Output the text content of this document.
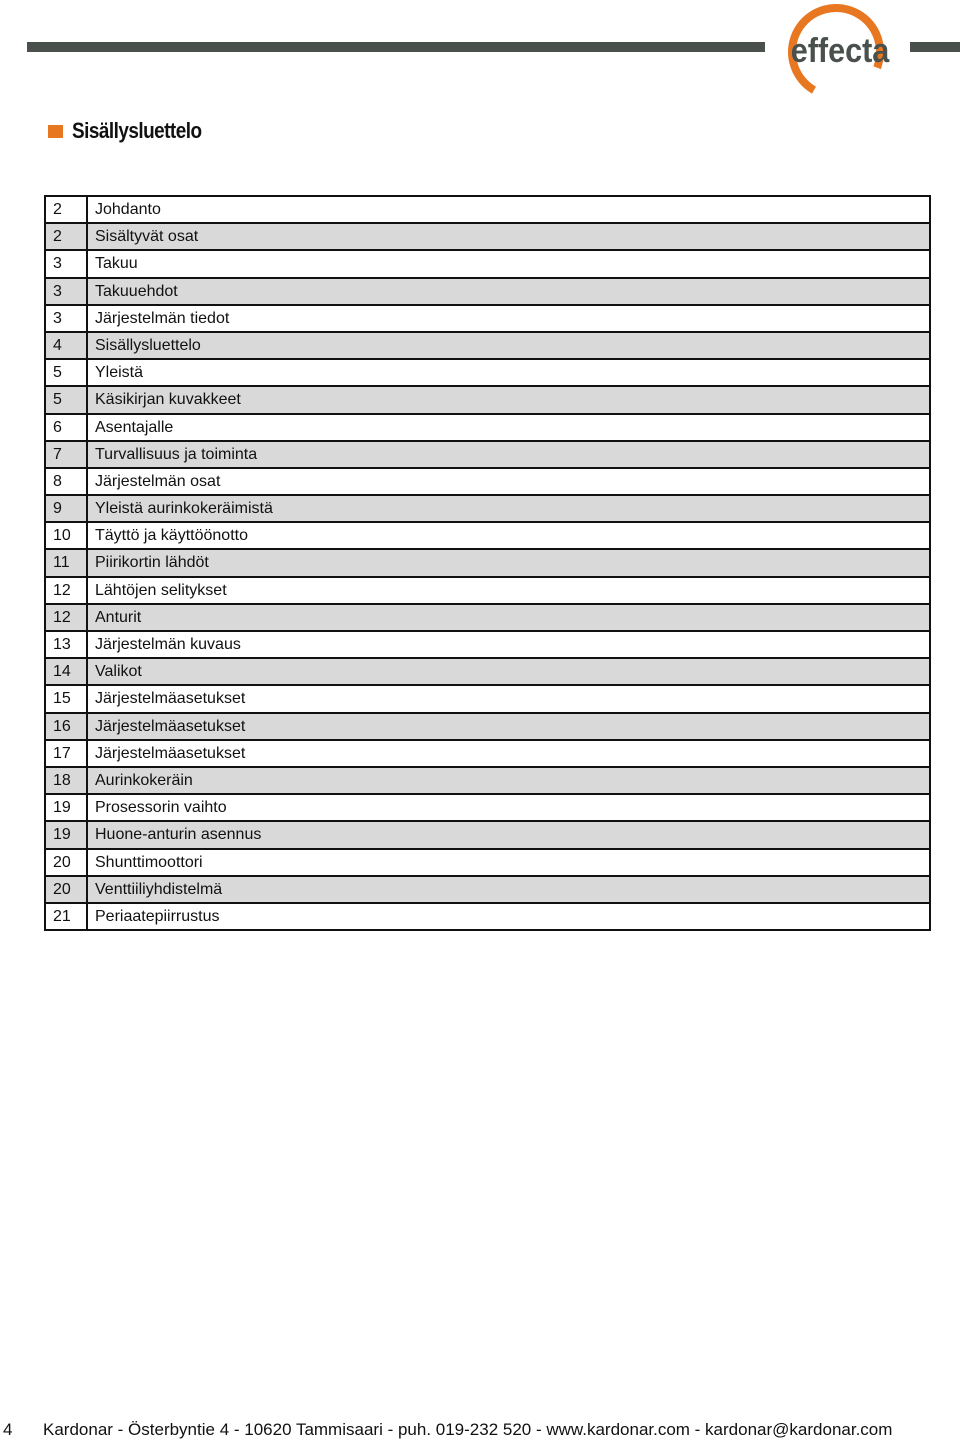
effecta
Sisällysluettelo
2	Johdanto
2	Sisältyvät osat
3	Takuu
3	Takuuehdot
3	Järjestelmän tiedot
4	Sisällysluettelo
5	Yleistä
5	Käsikirjan kuvakkeet
6	Asentajalle
7	Turvallisuus ja toiminta
8	Järjestelmän osat
9	Yleistä aurinkokeräimistä
10	Täyttö ja käyttöönotto
11	Piirikortin lähdöt
12	Lähtöjen selitykset
12	Anturit
13	Järjestelmän kuvaus
14	Valikot
15	Järjestelmäasetukset
16	Järjestelmäasetukset
17	Järjestelmäasetukset
18	Aurinkokeräin
19	Prosessorin vaihto
19	Huone-anturin asennus
20	Shunttimoottori
20	Venttiiliyhdistelmä
21	Periaatepiirrustus
4 Kardonar - Österbyntie 4 - 10620 Tammisaari - puh. 019-232 520 - www.kardonar.com - kardonar@kardonar.com
